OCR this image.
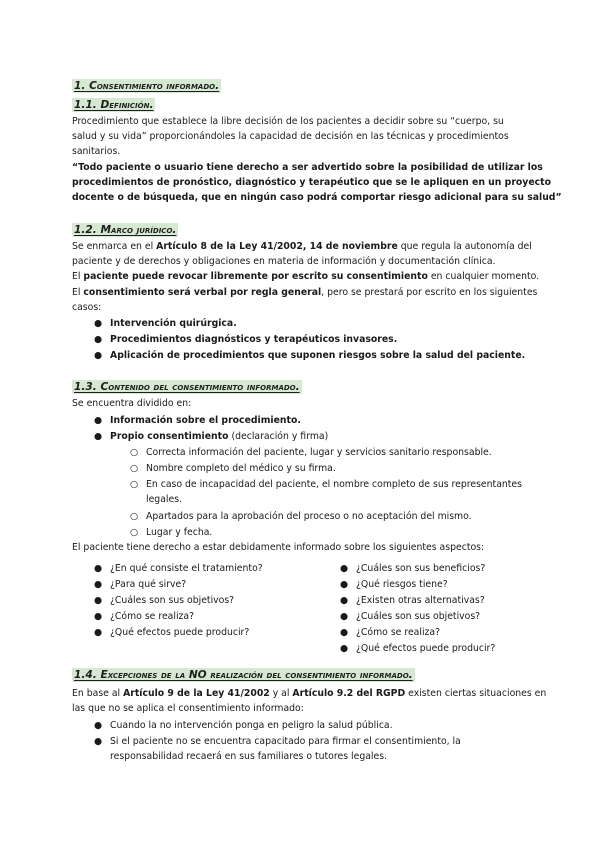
1. Consentimiento informado.
1.1. Definición.

Procedimiento que establece la libre decisión de los pacientes a decidir sobre su “cuerpo, su

salud y su vida” proporcionándoles la capacidad de decisión en las técnicas y procedimientos

sanitarios.

“Todo paciente o usuario tiene derecho a ser advertido sobre la posibilidad de utilizar los

procedimientos de pronóstico, diagnóstico y terapéutico que se le apliquen en un proyecto

docente o de búsqueda, que en ningún caso podrá comportar riesgo adicional para su salud”

1.2. Marco jurídico.

Se enmarca en el Artículo 8 de la Ley 41/2002, 14 de noviembre que regula la autonomía del

paciente y de derechos y obligaciones en materia de información y documentación clínica.

El paciente puede revocar libremente por escrito su consentimiento en cualquier momento.

El consentimiento será verbal por regla general, pero se prestará por escrito en los siguientes

casos:

● Intervención quirúrgica.
● Procedimientos diagnósticos y terapéuticos invasores.
● Aplicación de procedimientos que suponen riesgos sobre la salud del paciente.
1.3. Contenido del consentimiento informado.

Se encuentra dividido en:

● Información sobre el procedimiento.
● Propio consentimiento (declaración y firma)
○ Correcta información del paciente, lugar y servicios sanitario responsable.
○ Nombre completo del médico y su firma.
○ En caso de incapacidad del paciente, el nombre completo de sus representantes
legales.
○ Apartados para la aprobación del proceso o no aceptación del mismo.
○ Lugar y fecha.

El paciente tiene derecho a estar debidamente informado sobre los siguientes aspectos:

● ¿En qué consiste el tratamiento?
● ¿Para qué sirve?
● ¿Cuáles son sus objetivos?
● ¿Cómo se realiza?
● ¿Qué efectos puede producir?
● ¿Cuáles son sus beneficios?
● ¿Qué riesgos tiene?
● ¿Existen otras alternativas?
● ¿Cuáles son sus objetivos?
● ¿Cómo se realiza?
● ¿Qué efectos puede producir?
1.4. Excepciones de la NO realización del consentimiento informado.

En base al Artículo 9 de la Ley 41/2002 y al Artículo 9.2 del RGPD existen ciertas situaciones en

las que no se aplica el consentimiento informado:

● Cuando la no intervención ponga en peligro la salud pública.
● Si el paciente no se encuentra capacitado para firmar el consentimiento, la
responsabilidad recaerá en sus familiares o tutores legales.
